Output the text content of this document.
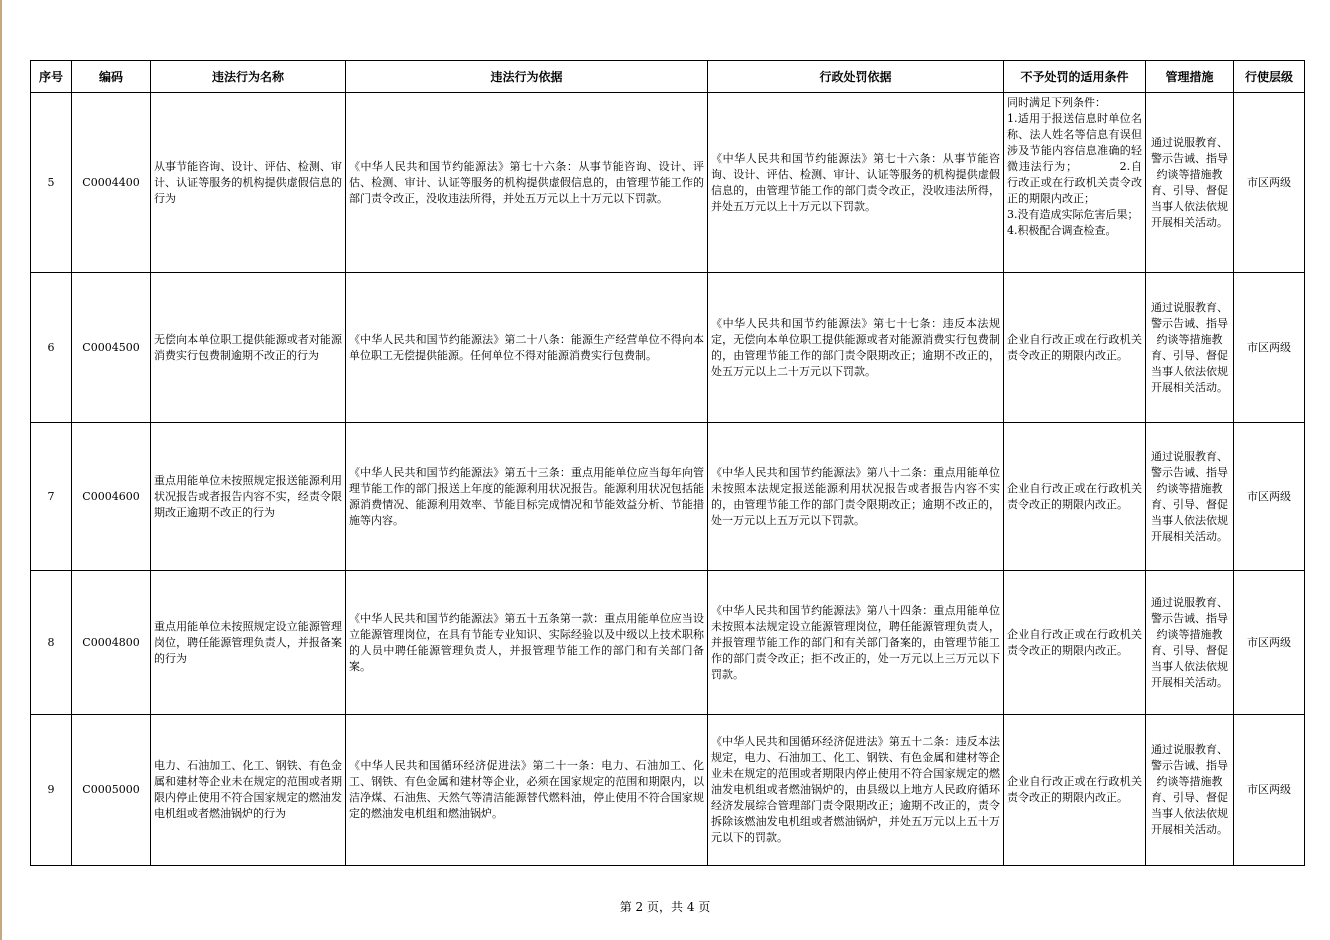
序号	编码	违法行为名称	违法行为依据	行政处罚依据	不予处罚的适用条件	管理措施	行使层级
5	C0004400	从事节能咨询、设计、评估、检测、审计、认证等服务的机构提供虚假信息的行为	《中华人民共和国节约能源法》第七十六条：从事节能咨询、设计、评估、检测、审计、认证等服务的机构提供虚假信息的，由管理节能工作的部门责令改正，没收违法所得，并处五万元以上十万元以下罚款。	《中华人民共和国节约能源法》第七十六条：从事节能咨询、设计、评估、检测、审计、认证等服务的机构提供虚假信息的，由管理节能工作的部门责令改正，没收违法所得，并处五万元以上十万元以下罚款。	同时满足下列条件：
1.适用于报送信息时单位名称、法人姓名等信息有误但涉及节能内容信息准确的轻微违法行为；　　　　2.自行改正或在行政机关责令改正的期限内改正；
3.没有造成实际危害后果；
4.积极配合调查检查。	通过说服教育、警示告诫、指导约谈等措施教育、引导、督促当事人依法依规开展相关活动。	市区两级
6	C0004500	无偿向本单位职工提供能源或者对能源消费实行包费制逾期不改正的行为	《中华人民共和国节约能源法》第二十八条：能源生产经营单位不得向本单位职工无偿提供能源。任何单位不得对能源消费实行包费制。	《中华人民共和国节约能源法》第七十七条：违反本法规定，无偿向本单位职工提供能源或者对能源消费实行包费制的，由管理节能工作的部门责令限期改正；逾期不改正的，处五万元以上二十万元以下罚款。	企业自行改正或在行政机关责令改正的期限内改正。	通过说服教育、警示告诫、指导约谈等措施教育、引导、督促当事人依法依规开展相关活动。	市区两级
7	C0004600	重点用能单位未按照规定报送能源利用状况报告或者报告内容不实，经责令限期改正逾期不改正的行为	《中华人民共和国节约能源法》第五十三条：重点用能单位应当每年向管理节能工作的部门报送上年度的能源利用状况报告。能源利用状况包括能源消费情况、能源利用效率、节能目标完成情况和节能效益分析、节能措施等内容。	《中华人民共和国节约能源法》第八十二条：重点用能单位未按照本法规定报送能源利用状况报告或者报告内容不实的，由管理节能工作的部门责令限期改正；逾期不改正的，处一万元以上五万元以下罚款。	企业自行改正或在行政机关责令改正的期限内改正。	通过说服教育、警示告诫、指导约谈等措施教育、引导、督促当事人依法依规开展相关活动。	市区两级
8	C0004800	重点用能单位未按照规定设立能源管理岗位，聘任能源管理负责人，并报备案的行为	《中华人民共和国节约能源法》第五十五条第一款：重点用能单位应当设立能源管理岗位，在具有节能专业知识、实际经验以及中级以上技术职称的人员中聘任能源管理负责人，并报管理节能工作的部门和有关部门备案。	《中华人民共和国节约能源法》第八十四条：重点用能单位未按照本法规定设立能源管理岗位，聘任能源管理负责人，并报管理节能工作的部门和有关部门备案的，由管理节能工作的部门责令改正；拒不改正的，处一万元以上三万元以下罚款。	企业自行改正或在行政机关责令改正的期限内改正。	通过说服教育、警示告诫、指导约谈等措施教育、引导、督促当事人依法依规开展相关活动。	市区两级
9	C0005000	电力、石油加工、化工、钢铁、有色金属和建材等企业未在规定的范围或者期限内停止使用不符合国家规定的燃油发电机组或者燃油锅炉的行为	《中华人民共和国循环经济促进法》第二十一条：电力、石油加工、化工、钢铁、有色金属和建材等企业，必须在国家规定的范围和期限内，以洁净煤、石油焦、天然气等清洁能源替代燃料油，停止使用不符合国家规定的燃油发电机组和燃油锅炉。	《中华人民共和国循环经济促进法》第五十二条：违反本法规定，电力、石油加工、化工、钢铁、有色金属和建材等企业未在规定的范围或者期限内停止使用不符合国家规定的燃油发电机组或者燃油锅炉的，由县级以上地方人民政府循环经济发展综合管理部门责令限期改正；逾期不改正的，责令拆除该燃油发电机组或者燃油锅炉，并处五万元以上五十万元以下的罚款。	企业自行改正或在行政机关责令改正的期限内改正。	通过说服教育、警示告诫、指导约谈等措施教育、引导、督促当事人依法依规开展相关活动。	市区两级
第 2 页，共 4 页
